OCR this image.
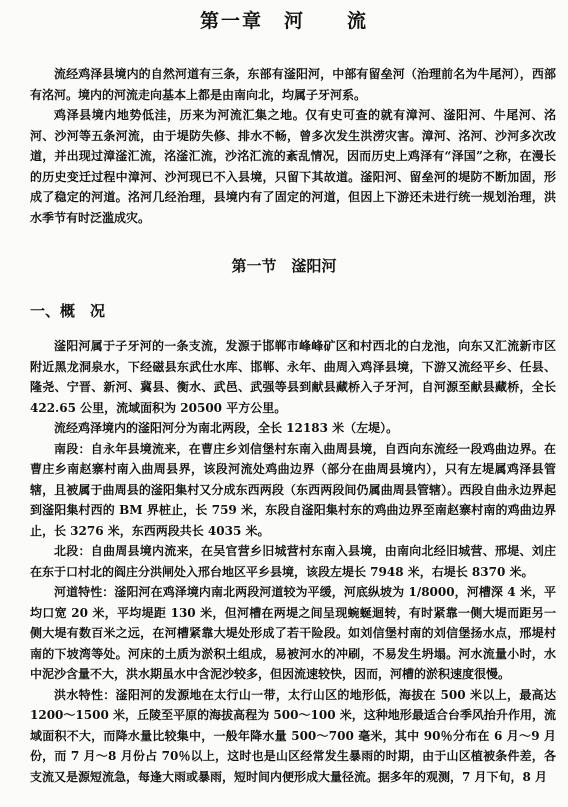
第一章　河　　流

流经鸡泽县境内的自然河道有三条，东部有滏阳河，中部有留垒河（治理前名为牛尾河），西部有洺河。境内的河流走向基本上都是由南向北，均属子牙河系。

鸡泽县境内地势低洼，历来为河流汇集之地。仅有史可查的就有漳河、滏阳河、牛尾河、洺河、沙河等五条河流，由于堤防失修、排水不畅，曾多次发生洪涝灾害。漳河、洺河、沙河多次改道，并出现过漳滏汇流，洺滏汇流，沙洺汇流的紊乱情况，因而历史上鸡泽有“泽国”之称，在漫长的历史变迁过程中漳河、沙河现已不入县境，只留下其故道。滏阳河、留垒河的堤防不断加固，形成了稳定的河道。洺河几经治理，县境内有了固定的河道，但因上下游还未进行统一规划治理，洪水季节有时泛滥成灾。

第一节　滏阳河
一、概　况

滏阳河属于子牙河的一条支流，发源于邯郸市峰峰矿区和村西北的白龙池，向东又汇流新市区附近黑龙洞泉水，下经磁县东武仕水库、邯郸、永年、曲周入鸡泽县境，下游又流经平乡、任县、隆尧、宁晋、新河、冀县、衡水、武邑、武强等县到献县藏桥入子牙河，自河源至献县藏桥，全长 422.65 公里，流域面积为 20500 平方公里。

流经鸡泽境内的滏阳河分为南北两段，全长 12183 米（左堤）。

南段：自永年县境流来，在曹庄乡刘信堡村东南入曲周县境，自西向东流经一段鸡曲边界。在曹庄乡南赵寨村南入曲周县界，该段河流处鸡曲边界（部分在曲周县境内），只有左堤属鸡泽县管辖，且被属于曲周县的滏阳集村又分成东西两段（东西两段间仍属曲周县管辖）。西段自曲永边界起到滏阳集村西的 BM 界桩止，长 759 米，东段自滏阳集村东的鸡曲边界至南赵寨村南的鸡曲边界止，长 3276 米，东西两段共长 4035 米。

北段：自曲周县境内流来，在吴官营乡旧城营村东南入县境，由南向北经旧城营、邢堤、刘庄在东于口村北的阎庄分洪闸处入邢台地区平乡县境，该段左堤长 7948 米，右堤长 8370 米。

河道特性：滏阳河在鸡泽境内南北两段河道较为平缓，河底纵坡为 1/8000，河槽深 4 米，平均口宽 20 米，平均堤距 130 米，但河槽在两堤之间呈现蜿蜒迴转，有时紧靠一侧大堤而距另一侧大堤有数百米之远，在河槽紧靠大堤处形成了若干险段。如刘信堡村南的刘信堡扬水点，邢堤村南的下坡湾等处。河床的土质为淤积土组成，易被河水的冲刷，不易发生坍塌。河水流量小时，水中泥沙含量不大，洪水期虽水中含泥沙较多，但因流速较快，因而，河槽的淤积速度很慢。

洪水特性：滏阳河的发源地在太行山一带，太行山区的地形低，海拔在 500 米以上，最高达 1200～1500 米，丘陵至平原的海拔高程为 500～100 米，这种地形最适合台季风抬升作用，流域面积不大，而降水量比较集中，一般年降水量 500～700 毫米，其中 90％分布在 6 月～9 月份，而 7 月～8 月份占 70％以上，这时也是山区经常发生暴雨的时期，由于山区植被条件差，各支流又是源短流急，每逢大雨或暴雨，短时间内便形成大量径流。据多年的观测，7 月下旬，8 月
